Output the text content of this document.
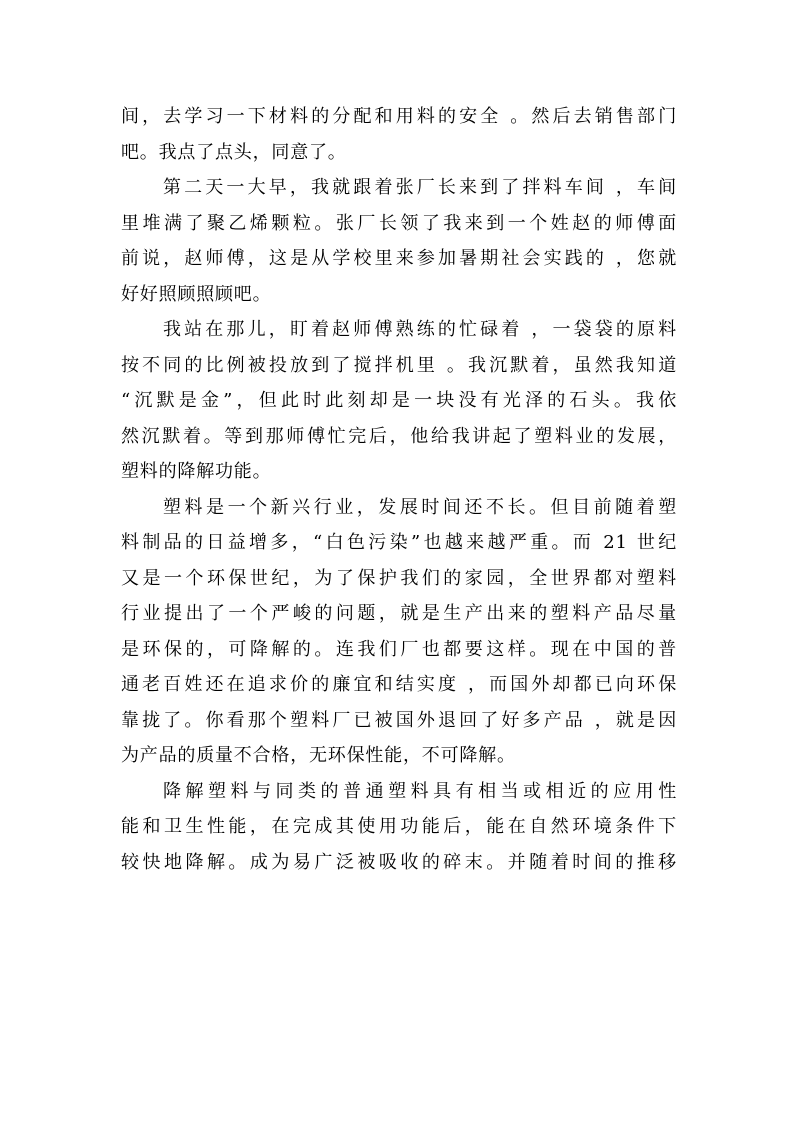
间，去学习一下材料的分配和用料的安全 。然后去销售部门
吧。我点了点头，同意了。
第二天一大早，我就跟着张厂长来到了拌料车间 ，车间
里堆满了聚乙烯颗粒。张厂长领了我来到一个姓赵的师傅面
前说，赵师傅，这是从学校里来参加暑期社会实践的 ，您就
好好照顾照顾吧。
我站在那儿，盯着赵师傅熟练的忙碌着 ，一袋袋的原料
按不同的比例被投放到了搅拌机里 。我沉默着，虽然我知道
“沉默是金”，但此时此刻却是一块没有光泽的石头。我依
然沉默着。等到那师傅忙完后，他给我讲起了塑料业的发展，
塑料的降解功能。
塑料是一个新兴行业，发展时间还不长。但目前随着塑
料制品的日益增多，“白色污染”也越来越严重。而 21 世纪
又是一个环保世纪，为了保护我们的家园，全世界都对塑料
行业提出了一个严峻的问题，就是生产出来的塑料产品尽量
是环保的，可降解的。连我们厂也都要这样。现在中国的普
通老百姓还在追求价的廉宜和结实度 ，而国外却都已向环保
靠拢了。你看那个塑料厂已被国外退回了好多产品 ，就是因
为产品的质量不合格，无环保性能，不可降解。
降解塑料与同类的普通塑料具有相当或相近的应用性
能和卫生性能，在完成其使用功能后，能在自然环境条件下
较快地降解。成为易广泛被吸收的碎末。并随着时间的推移
